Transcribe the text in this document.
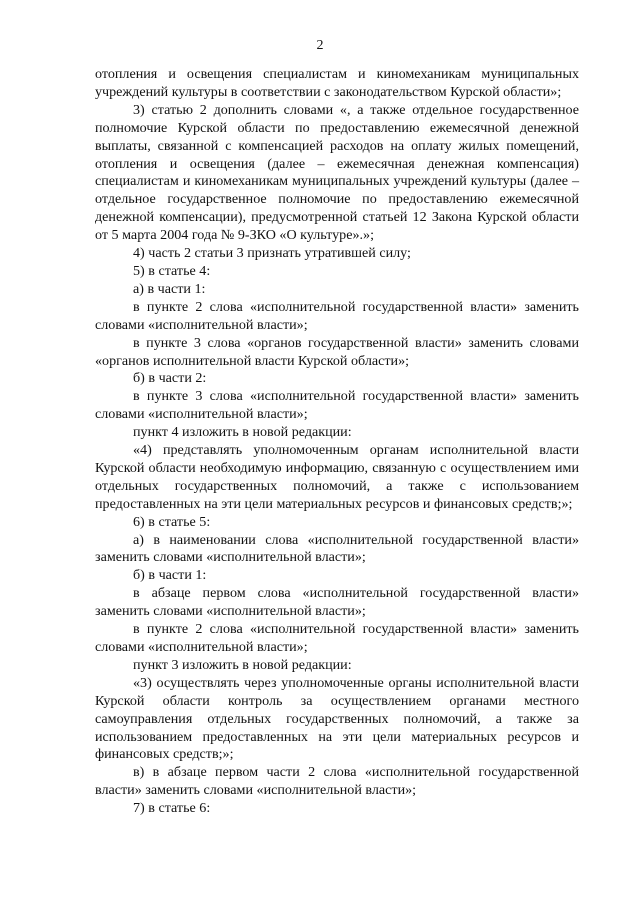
2

отопления и освещения специалистам и киномеханикам муниципальных учреждений культуры в соответствии с законодательством Курской области»;

3) статью 2 дополнить словами «, а также отдельное государственное полномочие Курской области по предоставлению ежемесячной денежной выплаты, связанной с компенсацией расходов на оплату жилых помещений, отопления и освещения (далее – ежемесячная денежная компенсация) специалистам и киномеханикам муниципальных учреждений культуры (далее – отдельное государственное полномочие по предоставлению ежемесячной денежной компенсации), предусмотренной статьей 12 Закона Курской области от 5 марта 2004 года № 9-ЗКО «О культуре».»;

4) часть 2 статьи 3 признать утратившей силу;

5) в статье 4:

а) в части 1:

в пункте 2 слова «исполнительной государственной власти» заменить словами «исполнительной власти»;

в пункте 3 слова «органов государственной власти» заменить словами «органов исполнительной власти Курской области»;

б) в части 2:

в пункте 3 слова «исполнительной государственной власти» заменить словами «исполнительной власти»;

пункт 4 изложить в новой редакции:

«4) представлять уполномоченным органам исполнительной власти Курской области необходимую информацию, связанную с осуществлением ими отдельных государственных полномочий, а также с использованием предоставленных на эти цели материальных ресурсов и финансовых средств;»;

6) в статье 5:

а) в наименовании слова «исполнительной государственной власти» заменить словами «исполнительной власти»;

б) в части 1:

в абзаце первом слова «исполнительной государственной власти» заменить словами «исполнительной власти»;

в пункте 2 слова «исполнительной государственной власти» заменить словами «исполнительной власти»;

пункт 3 изложить в новой редакции:

«3) осуществлять через уполномоченные органы исполнительной власти Курской области контроль за осуществлением органами местного самоуправления отдельных государственных полномочий, а также за использованием предоставленных на эти цели материальных ресурсов и финансовых средств;»;

в) в абзаце первом части 2 слова «исполнительной государственной власти» заменить словами «исполнительной власти»;

7) в статье 6:
